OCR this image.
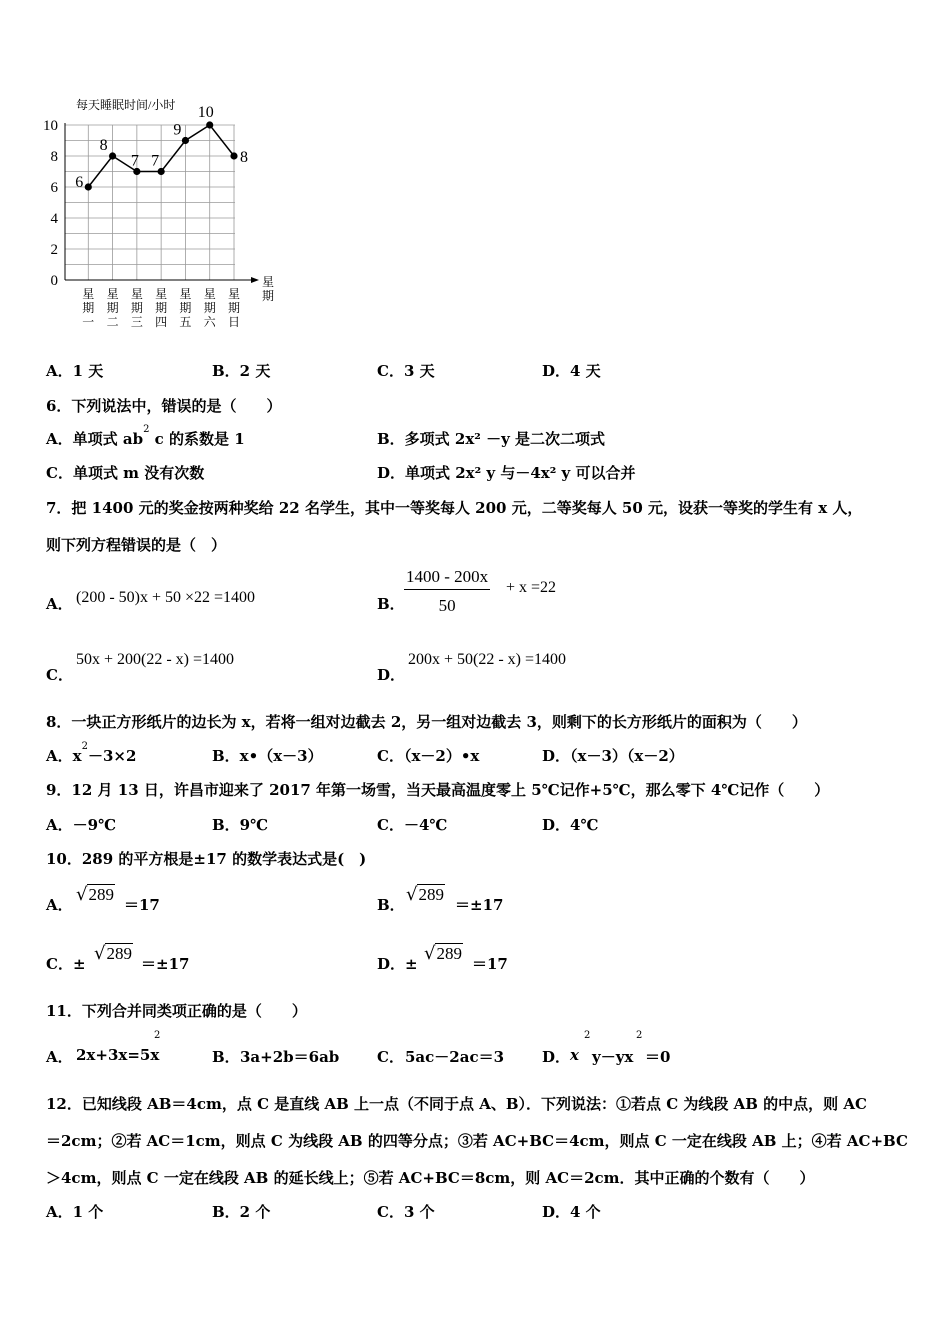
每天睡眠时间/小时
0
2
4
6
8
10
星
期
一
星
期
二
星
期
三
星
期
四
星
期
五
星
期
六
星
期
日
6
8
7 7
9
10
8
星
期
A．1 天	B．2 天	C．3 天	D．4 天
6．下列说法中，错误的是（　　）
A．单项式 $ab^2$ c 的系数是 1	B．多项式 2x² －y 是二次二项式
C．单项式 m 没有次数	D．单项式 2x² y 与－4x² y 可以合并
7．把 1400 元的奖金按两种奖给 22 名学生，其中一等奖每人 200 元，二等奖每人 50 元，设获一等奖的学生有 x 人，
则下列方程错误的是（　）
A． (200 - 50)x + 50 ×22 =1400	B． $\frac{1400 - 200x}{50} + x =22$
C．
50x + 200(22 - x) =1400
D．
200x + 50(22 - x) =1400
8．一块正方形纸片的边长为 x，若将一组对边截去 2，另一组对边截去 3，则剩下的长方形纸片的面积为（　　）
A．$x^2-3\times 2$	B．x•（x－3）	C．（x－2）•x	D．（x－3）（x－2）
9．12 月 13 日，许昌市迎来了 2017 年第一场雪，当天最高温度零上 5℃记作+5℃，那么零下 4℃记作（　　）
A．－9℃	B．9℃	C．－4℃	D．4℃
10．289 的平方根是±17 的数学表达式是(　)
A． √289
＝17	B． √289
＝±17
C．± √289
＝±17	D．± √289
＝17
11．下列合并同类项正确的是（　　）
A． 2x+3x=5x
2
B． 3a+2b＝6ab	C． 5ac－2ac＝3	D． x
2
y－yx
2
＝0
12．已知线段 AB＝4cm，点 C 是直线 AB 上一点（不同于点 A、B）．下列说法：①若点 C 为线段 AB 的中点，则 AC
＝2cm；②若 AC＝1cm，则点 C 为线段 AB 的四等分点；③若 AC+BC＝4cm，则点 C 一定在线段 AB 上；④若 AC+BC
＞4cm，则点 C 一定在线段 AB 的延长线上；⑤若 AC+BC＝8cm，则 AC＝2cm．其中正确的个数有（　　）
A．1 个	B．2 个	C．3 个	D．4 个
